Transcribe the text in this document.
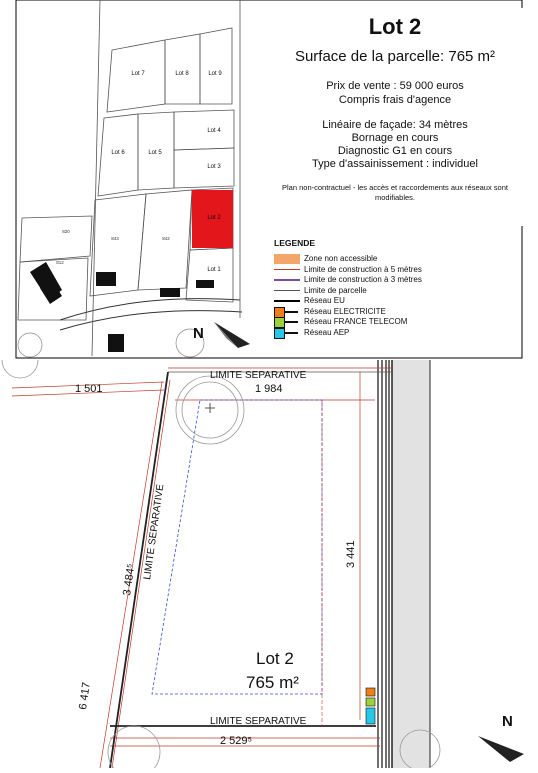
Lot 7	Lot 8	Lot 9
Lot 6	Lot 5
Lot 4
Lot 3
Lot 2
Lot 1
820
812
843	842
N
Lot 2
Surface de la parcelle: 765 m²
Prix de vente : 59 000 euros
Compris frais d'agence
Linéaire de façade: 34 mètres
Bornage en cours
Diagnostic G1 en cours
Type d'assainissement : individuel
Plan non-contractuel - les accès et raccordements aux réseaux sont modifiables.
LEGENDE
Zone non accessible
Limite de construction à 5 mètres
Limite de construction à 3 mètres
Limite de parcelle
Réseau EU
Réseau ELECTRICITE
Réseau FRANCE TELECOM
Réseau AEP
LIMITE SEPARATIVE
1 984
1 501
LIMITE SEPARATIVE
2 529⁵
LIMITE SEPARATIVE
3 484⁵
3 441
6 417
Lot 2
765 m²
N
